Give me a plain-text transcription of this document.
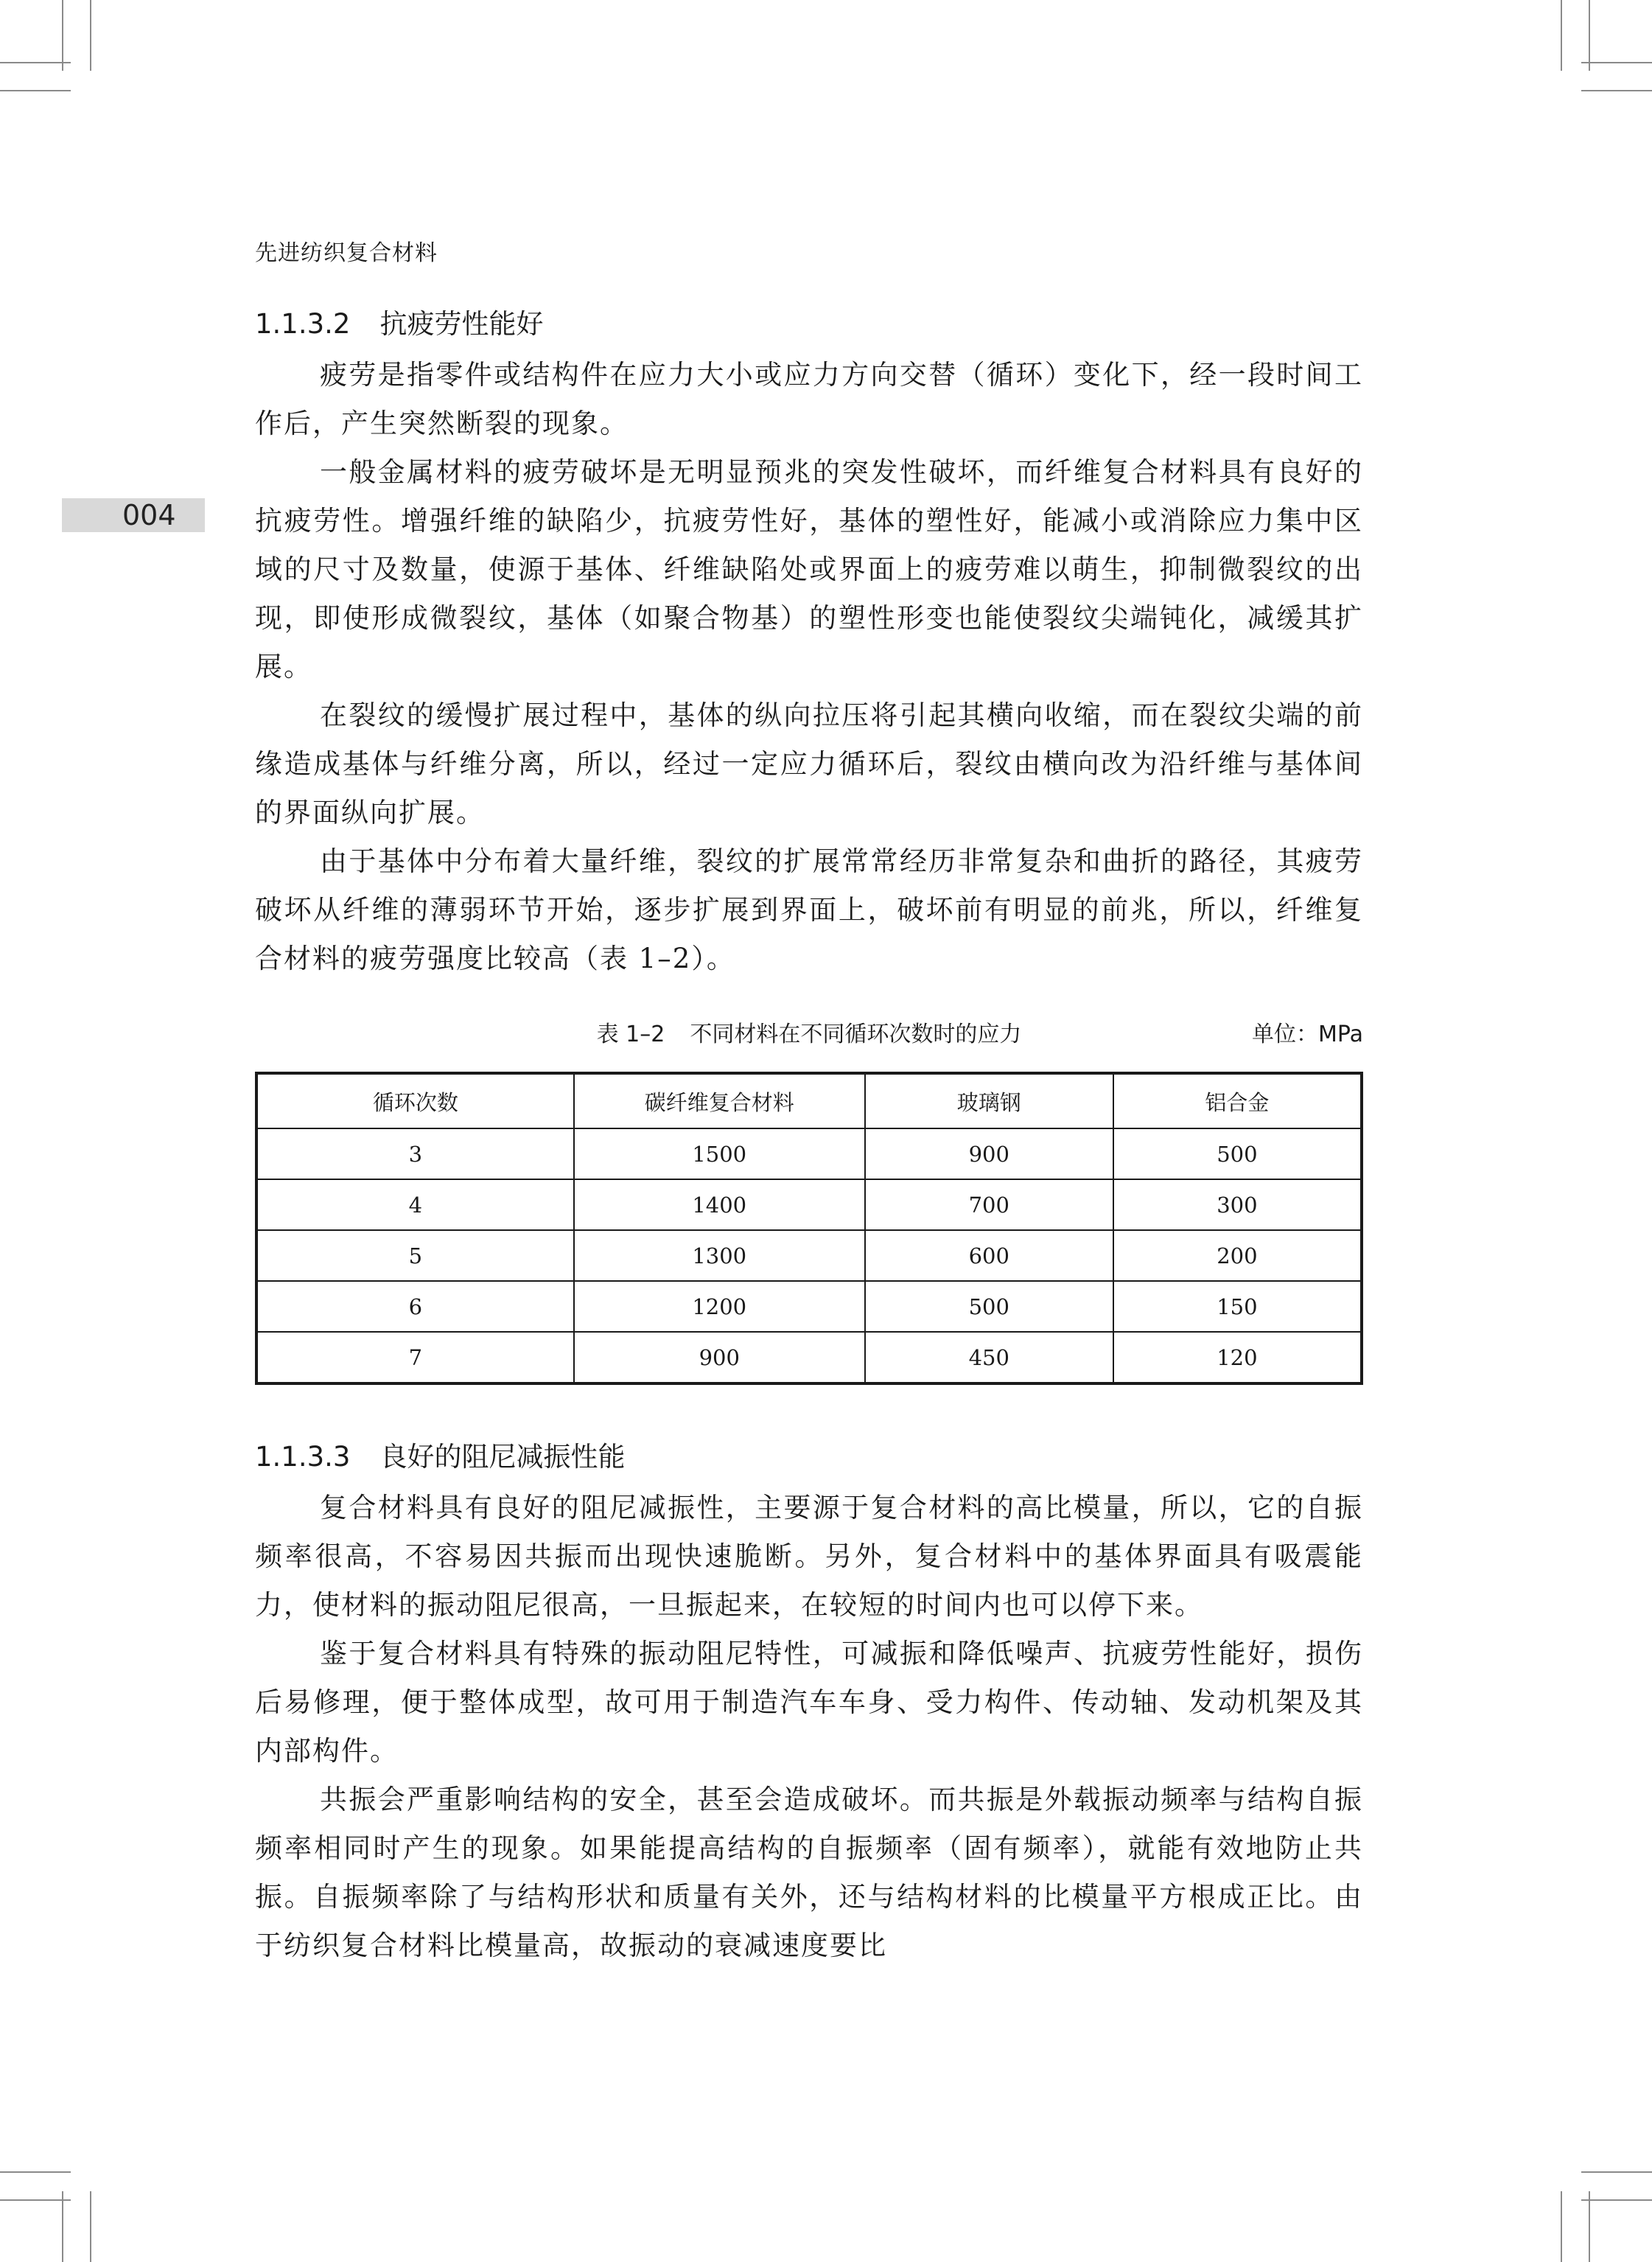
先进纺织复合材料
004
1.1.3.2 抗疲劳性能好

疲劳是指零件或结构件在应力大小或应力方向交替（循环）变化下，经一段时间工作后，产生突然断裂的现象。

一般金属材料的疲劳破坏是无明显预兆的突发性破坏，而纤维复合材料具有良好的抗疲劳性。增强纤维的缺陷少，抗疲劳性好，基体的塑性好，能减小或消除应力集中区域的尺寸及数量，使源于基体、纤维缺陷处或界面上的疲劳难以萌生，抑制微裂纹的出现，即使形成微裂纹，基体（如聚合物基）的塑性形变也能使裂纹尖端钝化，减缓其扩展。

在裂纹的缓慢扩展过程中，基体的纵向拉压将引起其横向收缩，而在裂纹尖端的前缘造成基体与纤维分离，所以，经过一定应力循环后，裂纹由横向改为沿纤维与基体间的界面纵向扩展。

由于基体中分布着大量纤维，裂纹的扩展常常经历非常复杂和曲折的路径，其疲劳破坏从纤维的薄弱环节开始，逐步扩展到界面上，破坏前有明显的前兆，所以，纤维复合材料的疲劳强度比较高（表 1–2）。

表 1–2 不同材料在不同循环次数时的应力	单位：MPa
循环次数	碳纤维复合材料	玻璃钢	铝合金
3	1500	900	500
4	1400	700	300
5	1300	600	200
6	1200	500	150
7	900	450	120
1.1.3.3 良好的阻尼减振性能

复合材料具有良好的阻尼减振性，主要源于复合材料的高比模量，所以，它的自振频率很高，不容易因共振而出现快速脆断。另外，复合材料中的基体界面具有吸震能力，使材料的振动阻尼很高，一旦振起来，在较短的时间内也可以停下来。

鉴于复合材料具有特殊的振动阻尼特性，可减振和降低噪声、抗疲劳性能好，损伤后易修理，便于整体成型，故可用于制造汽车车身、受力构件、传动轴、发动机架及其内部构件。

共振会严重影响结构的安全，甚至会造成破坏。而共振是外载振动频率与结构自振频率相同时产生的现象。如果能提高结构的自振频率（固有频率），就能有效地防止共振。自振频率除了与结构形状和质量有关外，还与结构材料的比模量平方根成正比。由于纺织复合材料比模量高，故振动的衰减速度要比
